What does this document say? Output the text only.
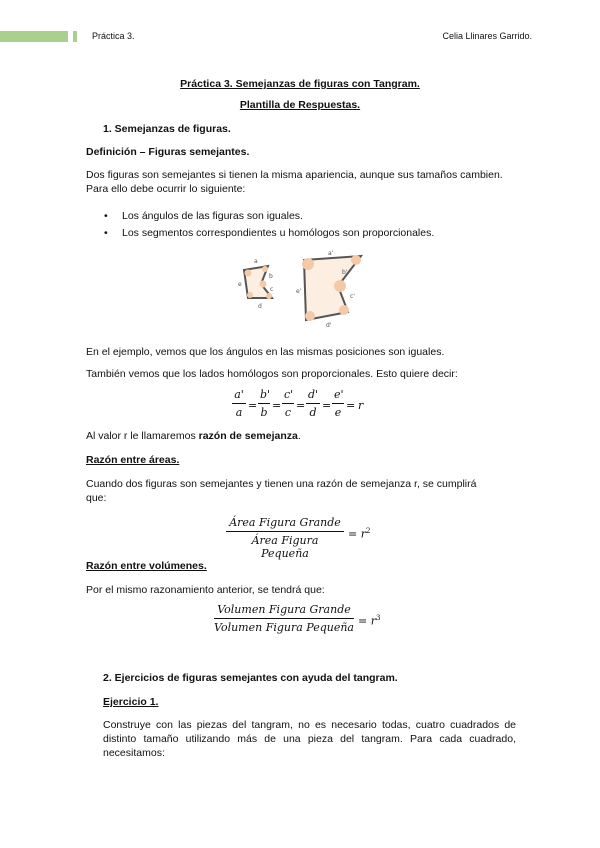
Práctica 3.	Celia Llinares Garrido.
Práctica 3. Semejanzas de figuras con Tangram.
Plantilla de Respuestas.
1. Semejanzas de figuras.
Definición – Figuras semejantes.
Dos figuras son semejantes si tienen la misma apariencia, aunque sus tamaños cambien. Para ello debe ocurrir lo siguiente:
• Los ángulos de las figuras son iguales.
• Los segmentos correspondientes u homólogos son proporcionales.
a
b
c
d
e
a'
b'
c'
d'
e'
En el ejemplo, vemos que los ángulos en las mismas posiciones son iguales.
También vemos que los lados homólogos son proporcionales. Esto quiere decir:
$\frac{a'}{a} = \frac{b'}{b} = \frac{c'}{c} = \frac{d'}{d} = \frac{e'}{e} = r$
Al valor r le llamaremos razón de semejanza.
Razón entre áreas.
Cuando dos figuras son semejantes y tienen una razón de semejanza r, se cumplirá que:
Área Figura Grande
Área Figura Pequeña
= $r^2$
Razón entre volúmenes.
Por el mismo razonamiento anterior, se tendrá que:
Volumen Figura Grande
Volumen Figura Pequeña = $r^3$
2. Ejercicios de figuras semejantes con ayuda del tangram.
Ejercicio 1.
Construye con las piezas del tangram, no es necesario todas, cuatro cuadrados de distinto tamaño utilizando más de una pieza del tangram. Para cada cuadrado, necesitamos:
